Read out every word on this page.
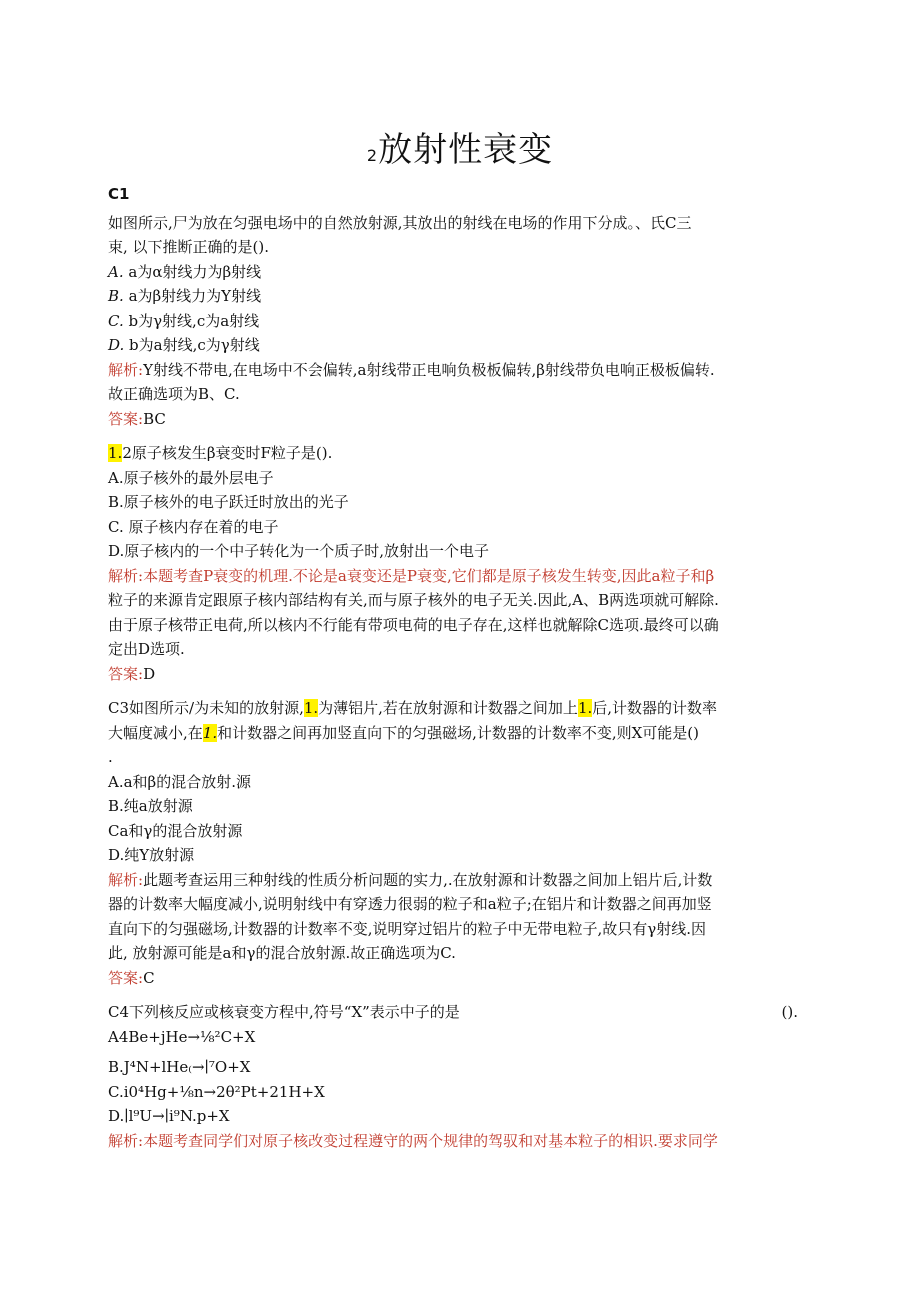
2放射性衰变
C1

如图所示,尸为放在匀强电场中的自然放射源,其放出的射线在电场的作用下分成。、氏C三

束, 以下推断正确的是().

A. a为α射线力为β射线

B. a为β射线力为Y射线

C. b为γ射线,c为a射线

D. b为a射线,c为γ射线

解析:Y射线不带电,在电场中不会偏转,a射线带正电响负极板偏转,β射线带负电响正极板偏转.

故正确选项为B、C.

答案:BC

1.2原子核发生β衰变时F粒子是().

A.原子核外的最外层电子

B.原子核外的电子跃迁时放出的光子

C. 原子核内存在着的电子

D.原子核内的一个中子转化为一个质子时,放射出一个电子

解析:本题考查P衰变的机理.不论是a衰变还是P衰变,它们都是原子核发生转变,因此a粒子和β

粒子的来源肯定跟原子核内部结构有关,而与原子核外的电子无关.因此,A、B两选项就可解除.

由于原子核带正电荷,所以核内不行能有带项电荷的电子存在,这样也就解除C选项.最终可以确

定出D选项.

答案:D

C3如图所示/为未知的放射源,1.为薄铝片,若在放射源和计数器之间加上1.后,计数器的计数率

大幅度减小,在1.和计数器之间再加竖直向下的匀强磁场,计数器的计数率不变,则X可能是()

.

A.a和β的混合放射.源

B.纯a放射源

Ca和γ的混合放射源

D.纯Y放射源

解析:此题考查运用三种射线的性质分析问题的实力,.在放射源和计数器之间加上铝片后,计数

器的计数率大幅度减小,说明射线中有穿透力很弱的粒子和a粒子;在铝片和计数器之间再加竖

直向下的匀强磁场,计数器的计数率不变,说明穿过铝片的粒子中无带电粒子,故只有γ射线.因

此, 放射源可能是a和γ的混合放射源.故正确选项为C.

答案:C

C4下列核反应或核衰变方程中,符号“X”表示中子的是	().

A4Be+jHe→⅛²C+X

B.J⁴N+lHe₍→∣⁷O+X

C.i0⁴Hg+⅛n→2θ²Pt+21H+X

D.∣l⁹U→∣i⁹N.p+X

解析:本题考查同学们对原子核改变过程遵守的两个规律的驾驭和对基本粒子的相识.要求同学
